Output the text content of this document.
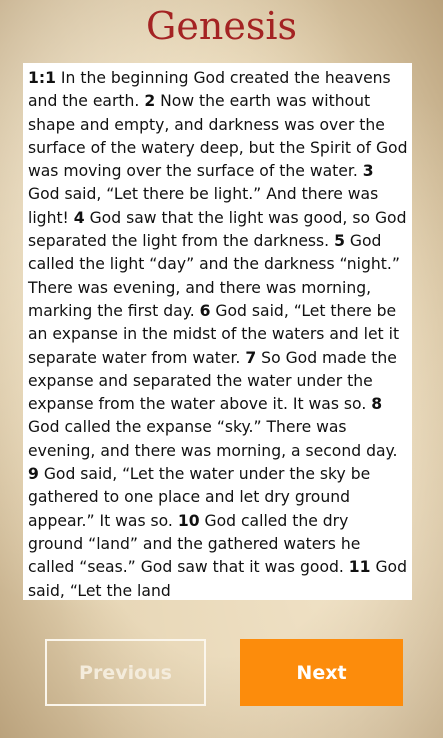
Genesis

1:1 In the beginning God created the heavens and the earth. 2 Now the earth was without shape and empty, and darkness was over the surface of the watery deep, but the Spirit of God was moving over the surface of the water. 3 God said, “Let there be light.” And there was light! 4 God saw that the light was good, so God separated the light from the darkness. 5 God called the light “day” and the darkness “night.” There was evening, and there was morning, marking the first day. 6 God said, “Let there be an expanse in the midst of the waters and let it separate water from water. 7 So God made the expanse and separated the water under the expanse from the water above it. It was so. 8 God called the expanse “sky.” There was evening, and there was morning, a second day. 9 God said, “Let the water under the sky be gathered to one place and let dry ground appear.” It was so. 10 God called the dry ground “land” and the gathered waters he called “seas.” God saw that it was good. 11 God said, “Let the land

Previous	Next
